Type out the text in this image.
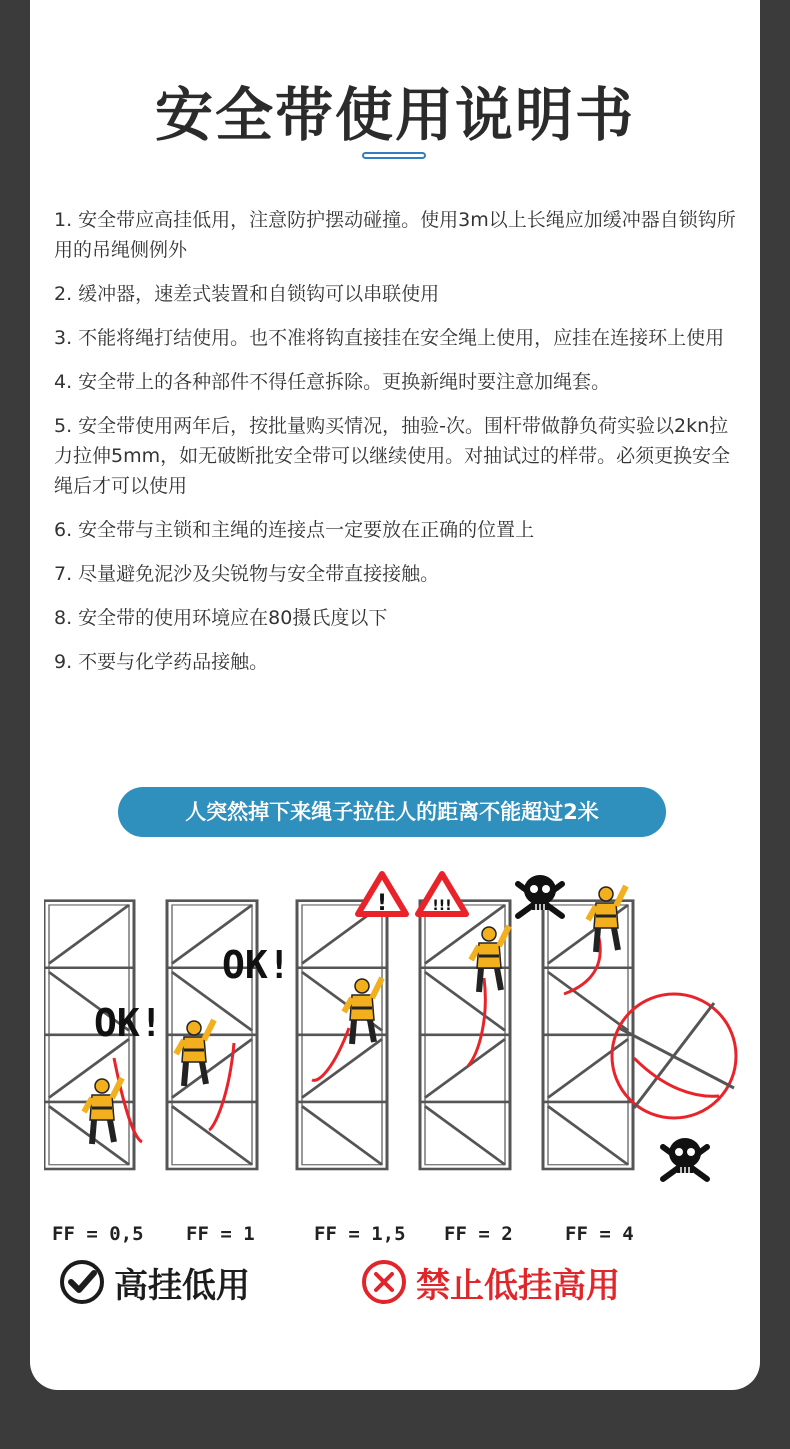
安全带使用说明书

1. 安全带应高挂低用，注意防护摆动碰撞。使用3m以上长绳应加缓冲器自锁钩所用的吊绳侧例外

2. 缓冲器，速差式装置和自锁钩可以串联使用

3. 不能将绳打结使用。也不准将钩直接挂在安全绳上使用，应挂在连接环上使用

4. 安全带上的各种部件不得任意拆除。更换新绳时要注意加绳套。

5. 安全带使用两年后，按批量购买情况，抽验-次。围杆带做静负荷实验以2kn拉力拉伸5mm，如无破断批安全带可以继续使用。对抽试过的样带。必须更换安全绳后才可以使用

6. 安全带与主锁和主绳的连接点一定要放在正确的位置上

7. 尽量避免泥沙及尖锐物与安全带直接接触。

8. 安全带的使用环境应在80摄氏度以下

9. 不要与化学药品接触。

人突然掉下来绳子拉住人的距离不能超过2米
OK!
OK!
!	!!!
FF = 0,5 FF = 1	FF = 1,5 FF = 2	FF = 4
高挂低用	禁止低挂高用
